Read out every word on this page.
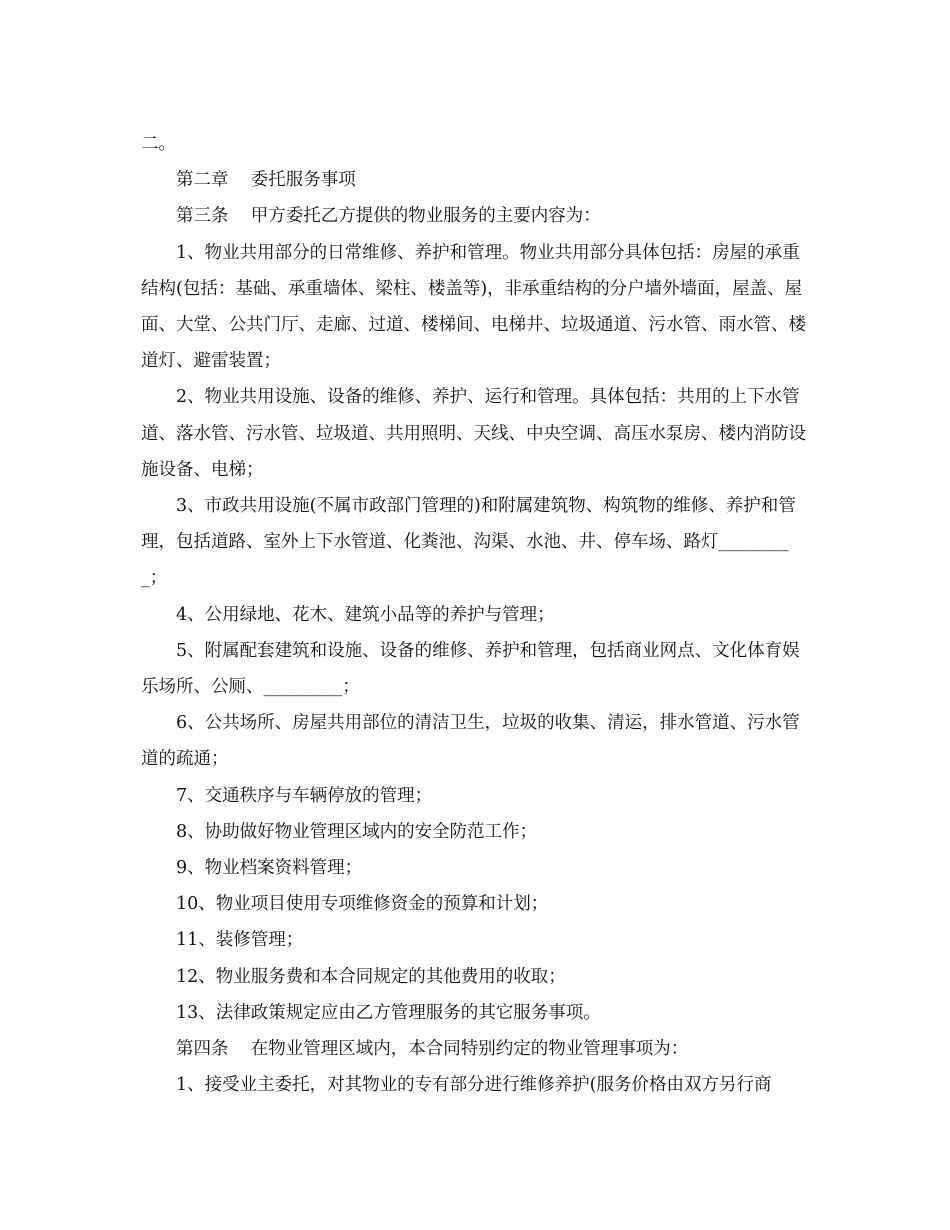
二。

第二章    委托服务事项

第三条    甲方委托乙方提供的物业服务的主要内容为：

1、物业共用部分的日常维修、养护和管理。物业共用部分具体包括：房屋的承重结构(包括：基础、承重墙体、梁柱、楼盖等)，非承重结构的分户墙外墙面，屋盖、屋面、大堂、公共门厅、走廊、过道、楼梯间、电梯井、垃圾通道、污水管、雨水管、楼道灯、避雷装置；

2、物业共用设施、设备的维修、养护、运行和管理。具体包括：共用的上下水管道、落水管、污水管、垃圾道、共用照明、天线、中央空调、高压水泵房、楼内消防设施设备、电梯；

3、市政共用设施(不属市政部门管理的)和附属建筑物、构筑物的维修、养护和管理，包括道路、室外上下水管道、化粪池、沟渠、水池、井、停车场、路灯_________；

4、公用绿地、花木、建筑小品等的养护与管理；

5、附属配套建筑和设施、设备的维修、养护和管理，包括商业网点、文化体育娱乐场所、公厕、_________；

6、公共场所、房屋共用部位的清洁卫生，垃圾的收集、清运，排水管道、污水管道的疏通；

7、交通秩序与车辆停放的管理；

8、协助做好物业管理区域内的安全防范工作；

9、物业档案资料管理；

10、物业项目使用专项维修资金的预算和计划；

11、装修管理；

12、物业服务费和本合同规定的其他费用的收取；

13、法律政策规定应由乙方管理服务的其它服务事项。

第四条    在物业管理区域内，本合同特别约定的物业管理事项为：

1、接受业主委托，对其物业的专有部分进行维修养护(服务价格由双方另行商
